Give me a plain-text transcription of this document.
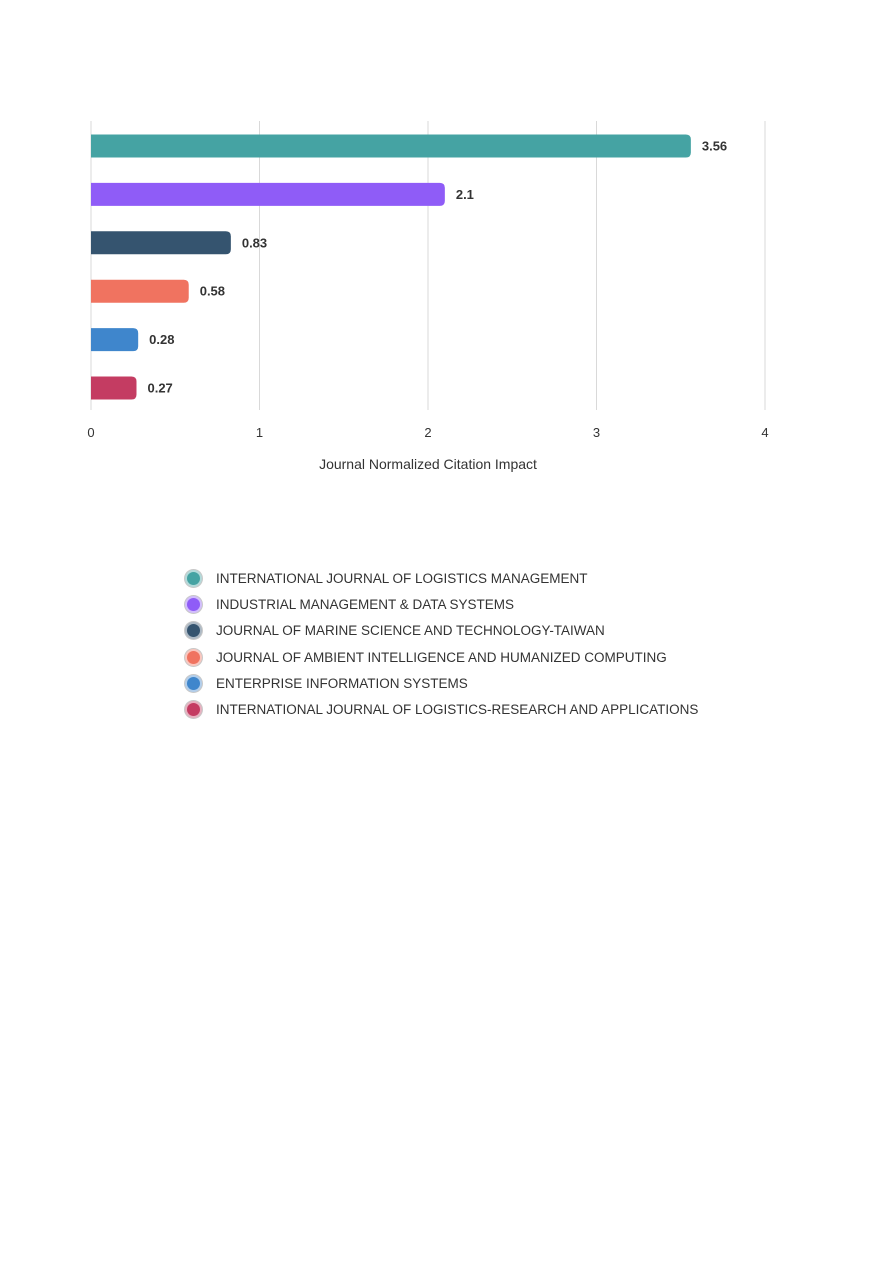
3.56
2.1
0.83
0.58
0.28
0.27
0	1	2	3	4
Journal Normalized Citation Impact
INTERNATIONAL JOURNAL OF LOGISTICS MANAGEMENT
INDUSTRIAL MANAGEMENT & DATA SYSTEMS
JOURNAL OF MARINE SCIENCE AND TECHNOLOGY-TAIWAN
JOURNAL OF AMBIENT INTELLIGENCE AND HUMANIZED COMPUTING
ENTERPRISE INFORMATION SYSTEMS
INTERNATIONAL JOURNAL OF LOGISTICS-RESEARCH AND APPLICATIONS
